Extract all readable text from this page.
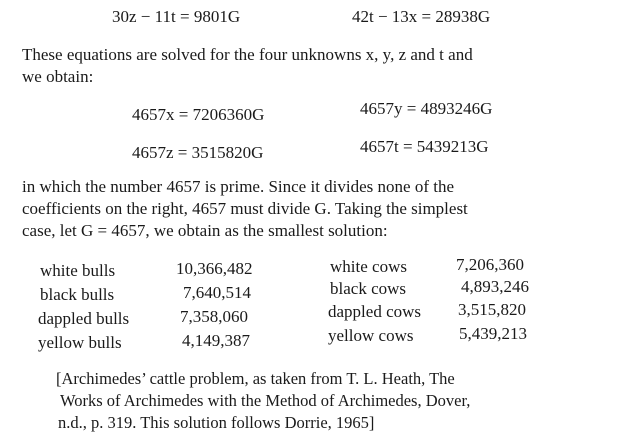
30z − 11t = 9801G	42t − 13x = 28938G
These equations are solved for the four unknowns x, y, z and t and
we obtain:
4657x = 7206360G	4657y = 4893246G
4657z = 3515820G	4657t = 5439213G
in which the number 4657 is prime. Since it divides none of the
coefficients on the right, 4657 must divide G. Taking the simplest
case, let G = 4657, we obtain as the smallest solution:
white bulls	10,366,482	white cows	7,206,360
black bulls	7,640,514	black cows	4,893,246
dappled bulls	7,358,060	dappled cows 3,515,820
yellow bulls	4,149,387	yellow cows	5,439,213
[Archimedes’ cattle problem, as taken from T. L. Heath, The
Works of Archimedes with the Method of Archimedes, Dover,
n.d., p. 319. This solution follows Dorrie, 1965]
